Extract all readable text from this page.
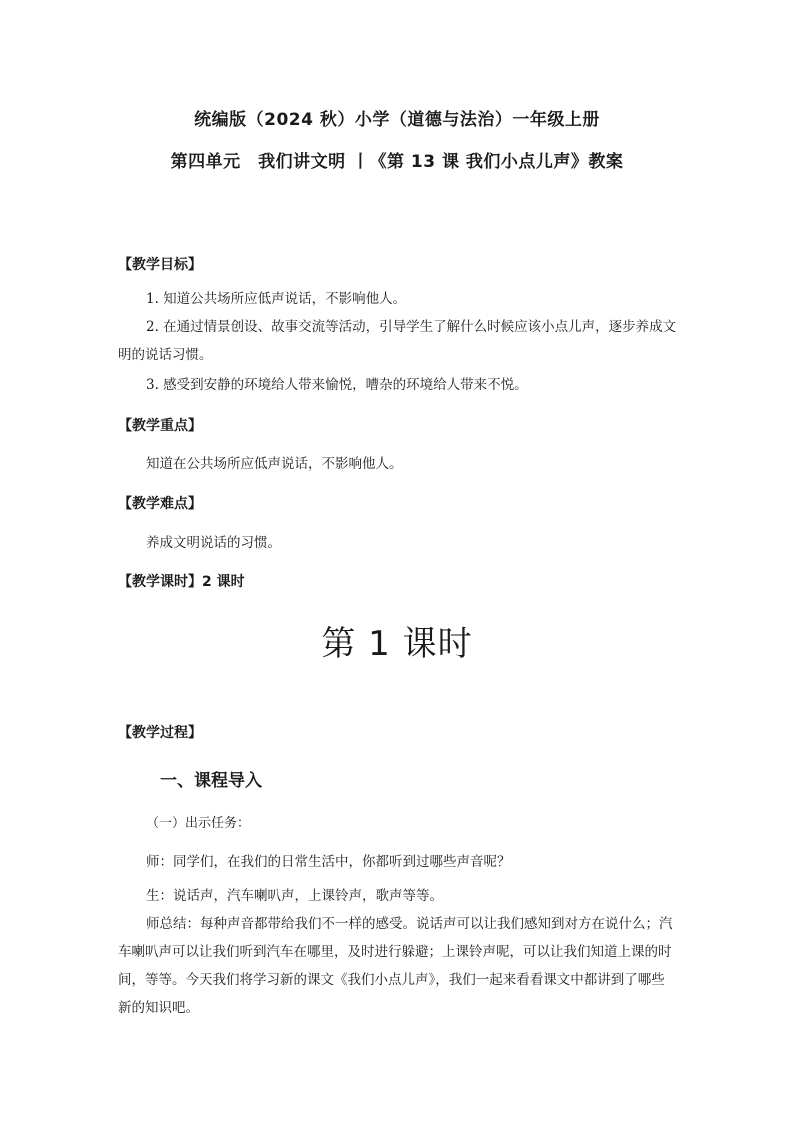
统编版（2024 秋）小学（道德与法治）一年级上册
第四单元　我们讲文明 丨《第 13 课 我们小点儿声》教案
【教学目标】
1. 知道公共场所应低声说话，不影响他人。
2. 在通过情景创设、故事交流等活动，引导学生了解什么时候应该小点儿声，逐步养成文明的说话习惯。
3. 感受到安静的环境给人带来愉悦，嘈杂的环境给人带来不悦。
【教学重点】
知道在公共场所应低声说话，不影响他人。
【教学难点】
养成文明说话的习惯。
【教学课时】2 课时
第 1 课时
【教学过程】
一、课程导入
（一）出示任务：
师：同学们，在我们的日常生活中，你都听到过哪些声音呢？
生：说话声，汽车喇叭声，上课铃声，歌声等等。
师总结：每种声音都带给我们不一样的感受。说话声可以让我们感知到对方在说什么；汽车喇叭声可以让我们听到汽车在哪里，及时进行躲避；上课铃声呢，可以让我们知道上课的时间，等等。今天我们将学习新的课文《我们小点儿声》，我们一起来看看课文中都讲到了哪些新的知识吧。
